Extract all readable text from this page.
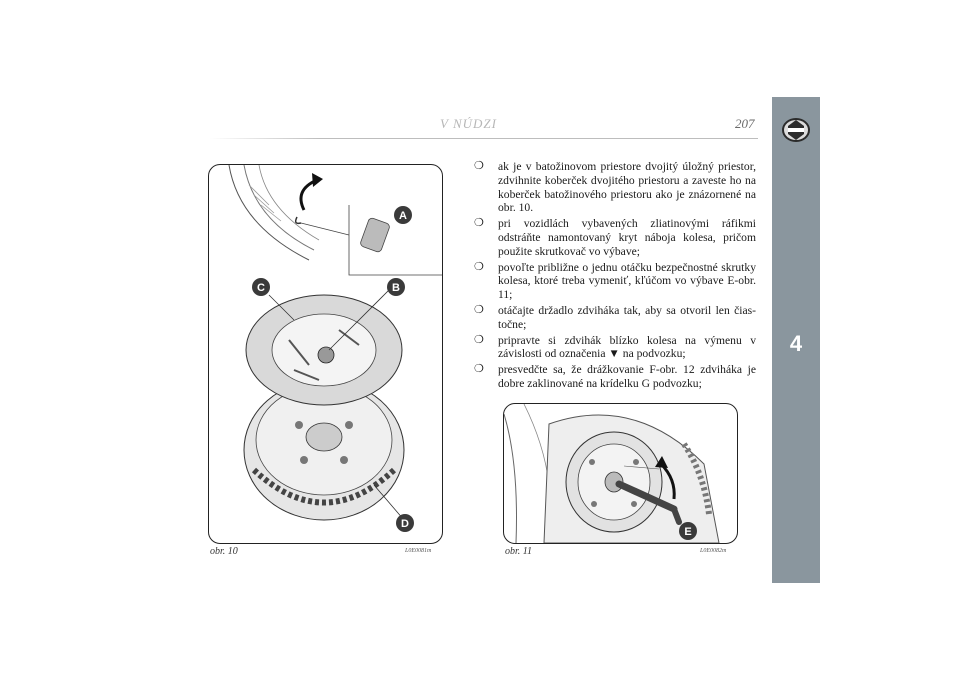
V NÚDZI	207
4
A
B
C
D
obr. 10	L0E0081m
❍ ak je v batožinovom priestore dvojitý úložný priestor, zdvihnite koberček dvojitého priestoru a zaveste ho na koberček batožinového priestoru ako je znázornené na obr. 10.
❍ pri vozidlách vybavených zliatinovými ráfikmi odstráňte namontovaný kryt náboja kolesa, pričom použite skrutkovač vo výbave;
❍ povoľte približne o jednu otáčku bezpečnostné skrutky kolesa, ktoré treba vymeniť, kľúčom vo výbave E-obr. 11;
❍ otáčajte držadlo zdviháka tak, aby sa otvoril len čiastočne;
❍ pripravte si zdvihák blízko kolesa na výmenu v závislosti od označenia ▼ na podvozku;
❍ presvedčte sa, že drážkovanie F-obr. 12 zdviháka je dobre zaklinované na krídelku G podvozku;
E
obr. 11	L0E0082m
